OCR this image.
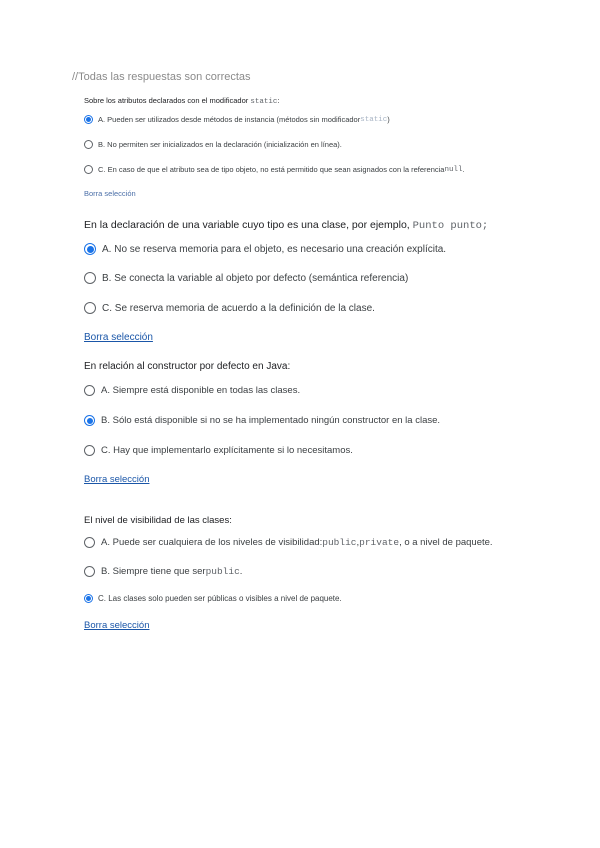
//Todas las respuestas son correctas
Sobre los atributos declarados con el modificador static:
A. Pueden ser utilizados desde métodos de instancia (métodos sin modificador static )
B. No permiten ser inicializados en la declaración (inicialización en línea).
C. En caso de que el atributo sea de tipo objeto, no está permitido que sean asignados con la referencia null .
Borra selección
En la declaración de una variable cuyo tipo es una clase, por ejemplo, Punto punto;
A. No se reserva memoria para el objeto, es necesario una creación explícita.
B. Se conecta la variable al objeto por defecto (semántica referencia)
C. Se reserva memoria de acuerdo a la definición de la clase.
Borra selección
En relación al constructor por defecto en Java:
A. Siempre está disponible en todas las clases.
B. Sólo está disponible si no se ha implementado ningún constructor en la clase.
C. Hay que implementarlo explícitamente si lo necesitamos.
Borra selección
El nivel de visibilidad de las clases:
A. Puede ser cualquiera de los niveles de visibilidad: public , private , o a nivel de paquete.
B. Siempre tiene que ser public .
C. Las clases solo pueden ser públicas o visibles a nivel de paquete.
Borra selección
